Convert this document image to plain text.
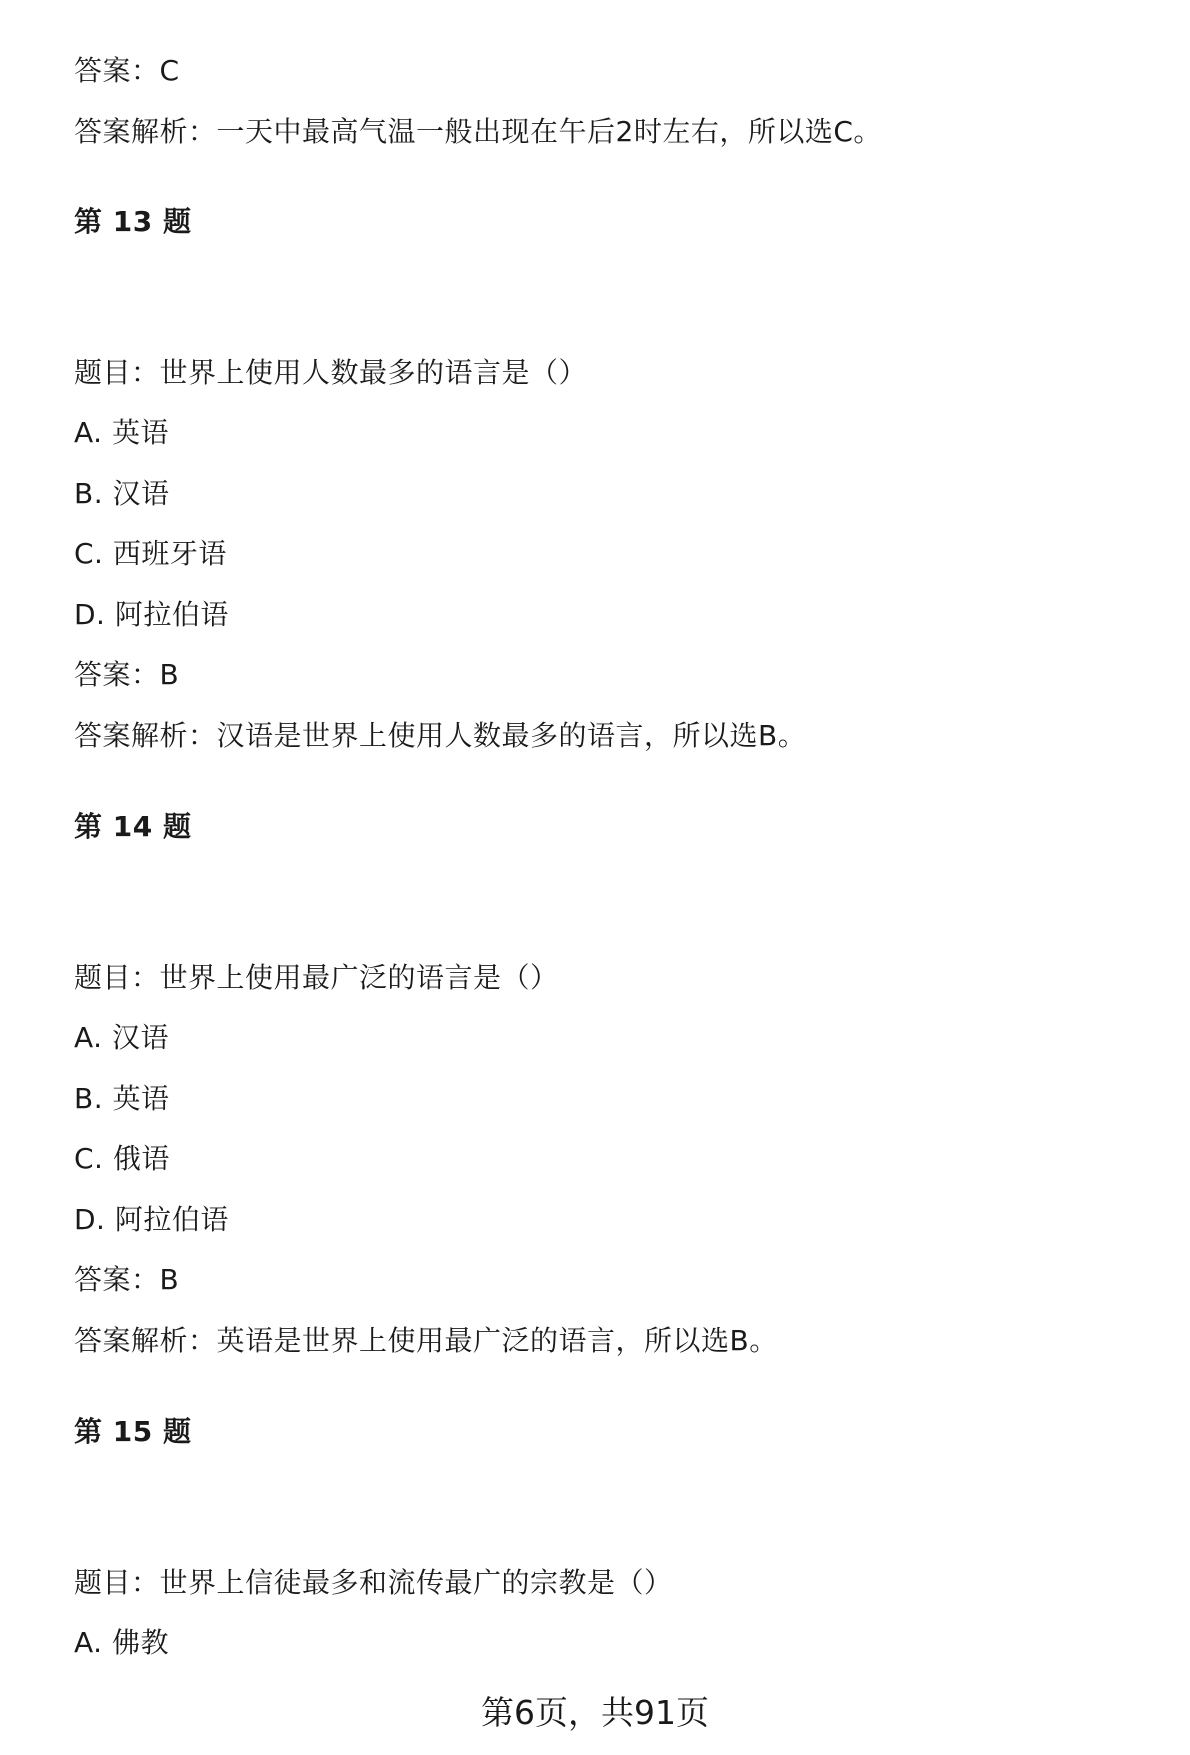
答案：C
答案解析：一天中最高气温一般出现在午后2时左右，所以选C。
第 13 题
题目：世界上使用人数最多的语言是（）
A. 英语
B. 汉语
C. 西班牙语
D. 阿拉伯语
答案：B
答案解析：汉语是世界上使用人数最多的语言，所以选B。
第 14 题
题目：世界上使用最广泛的语言是（）
A. 汉语
B. 英语
C. 俄语
D. 阿拉伯语
答案：B
答案解析：英语是世界上使用最广泛的语言，所以选B。
第 15 题
题目：世界上信徒最多和流传最广的宗教是（）
A. 佛教
第6页，共91页
